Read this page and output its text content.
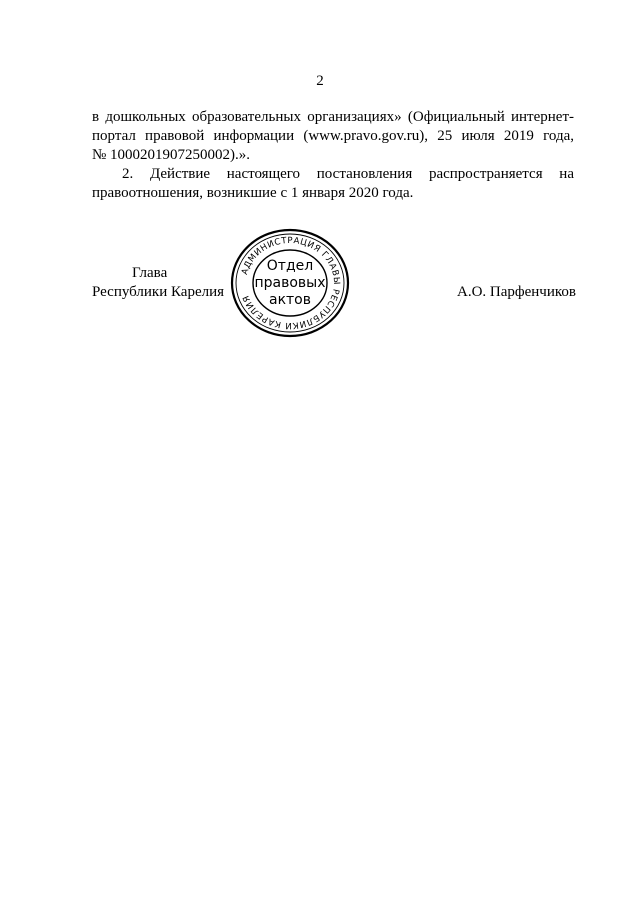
2
в дошкольных образовательных организациях» (Официальный интернет-
портал правовой информации (www.pravo.gov.ru), 25 июля 2019 года,
№ 1000201907250002).».
2. Действие настоящего постановления распространяется на
правоотношения, возникшие с 1 января 2020 года.
Глава
Республики Карелия	А.О. Парфенчиков
АДМИНИСТРАЦИЯ ГЛАВЫ РЕСПУБЛИКИ КАРЕЛИЯ
Отдел
правовых
актов
